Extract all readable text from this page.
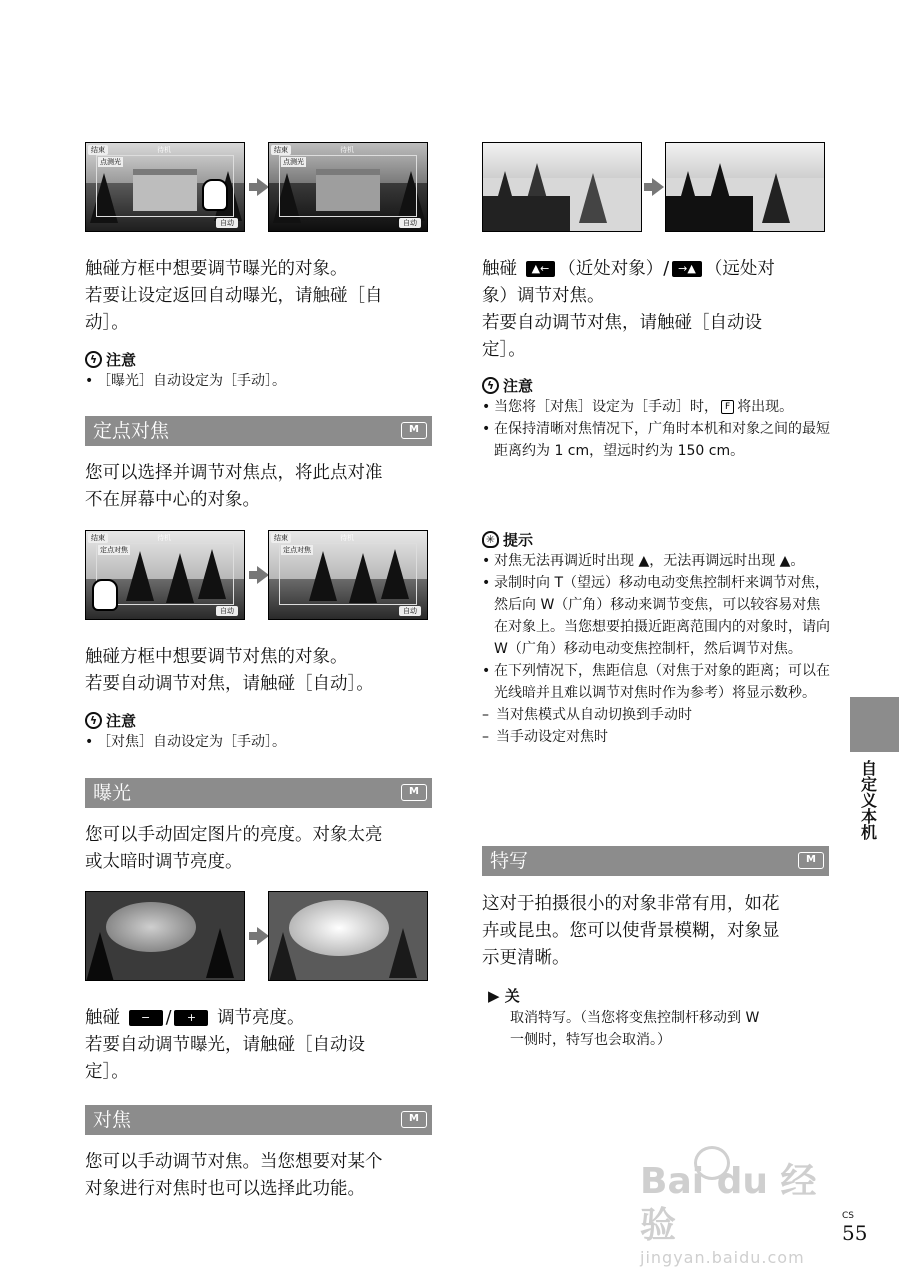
结束	待机
点测光
自动
结束	待机
点测光
自动

触碰方框中想要调节曝光的对象。

若要让设定返回自动曝光，请触碰［自

动］。

ϟ 注意
• ［曝光］自动设定为［手动］。
定点对焦	M

您可以选择并调节对焦点，将此点对准

不在屏幕中心的对象。

结束	待机
定点对焦
自动
结束	待机
定点对焦
自动

触碰方框中想要调节对焦的对象。

若要自动调节对焦，请触碰［自动］。

ϟ 注意
• ［对焦］自动设定为［手动］。
曝光	M

您可以手动固定图片的亮度。对象太亮

或太暗时调节亮度。

触碰 − / + 调节亮度。

若要自动调节曝光，请触碰［自动设

定］。

对焦	M

您可以手动调节对焦。当您想要对某个

对象进行对焦时也可以选择此功能。

触碰 ▲← （近处对象）/ →▲ （远处对

象）调节对焦。

若要自动调节对焦，请触碰［自动设

定］。

ϟ 注意
• 当您将［对焦］设定为［手动］时， F 将出现。
• 在保持清晰对焦情况下，广角时本机和对象之间的最短距离约为 1 cm，望远时约为 150 cm。
✳ 提示
• 对焦无法再调近时出现 ▲，无法再调远时出现 ▲。
• 录制时向 T（望远）移动电动变焦控制杆来调节对焦，然后向 W（广角）移动来调节变焦，可以较容易对焦在对象上。当您想要拍摄近距离范围内的对象时，请向 W（广角）移动电动变焦控制杆，然后调节对焦。
• 在下列情况下，焦距信息（对焦于对象的距离；可以在光线暗并且难以调节对焦时作为参考）将显示数秒。
– 当对焦模式从自动切换到手动时
– 当手动设定对焦时
特写	M

这对于拍摄很小的对象非常有用，如花

卉或昆虫。您可以使背景模糊，对象显

示更清晰。

▶ 关
取消特写。（当您将变焦控制杆移动到 W
一侧时，特写也会取消。）
自定义本机
Bai du 经验
jingyan.baidu.com
CS
55
